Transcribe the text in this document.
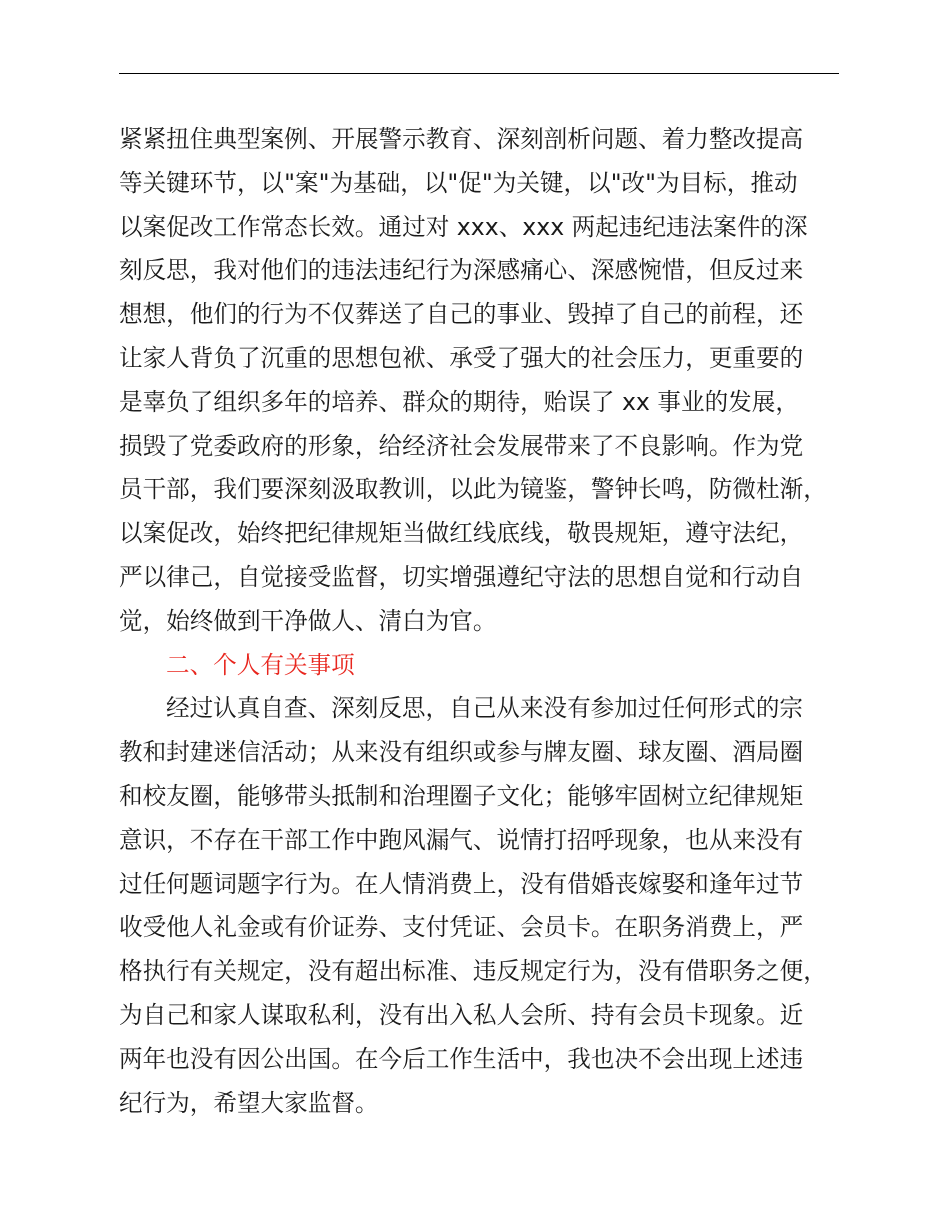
紧紧扭住典型案例、开展警示教育、深刻剖析问题、着力整改提高
等关键环节，以"案"为基础，以"促"为关键，以"改"为目标，推动
以案促改工作常态长效。通过对 xxx、xxx 两起违纪违法案件的深
刻反思，我对他们的违法违纪行为深感痛心、深感惋惜，但反过来
想想，他们的行为不仅葬送了自己的事业、毁掉了自己的前程，还
让家人背负了沉重的思想包袱、承受了强大的社会压力，更重要的
是辜负了组织多年的培养、群众的期待，贻误了 xx 事业的发展，
损毁了党委政府的形象，给经济社会发展带来了不良影响。作为党
员干部，我们要深刻汲取教训，以此为镜鉴，警钟长鸣，防微杜渐，
以案促改，始终把纪律规矩当做红线底线，敬畏规矩，遵守法纪，
严以律己，自觉接受监督，切实增强遵纪守法的思想自觉和行动自
觉，始终做到干净做人、清白为官。
二、个人有关事项
经过认真自查、深刻反思，自己从来没有参加过任何形式的宗
教和封建迷信活动；从来没有组织或参与牌友圈、球友圈、酒局圈
和校友圈，能够带头抵制和治理圈子文化；能够牢固树立纪律规矩
意识，不存在干部工作中跑风漏气、说情打招呼现象，也从来没有
过任何题词题字行为。在人情消费上，没有借婚丧嫁娶和逢年过节
收受他人礼金或有价证券、支付凭证、会员卡。在职务消费上，严
格执行有关规定，没有超出标准、违反规定行为，没有借职务之便，
为自己和家人谋取私利，没有出入私人会所、持有会员卡现象。近
两年也没有因公出国。在今后工作生活中，我也决不会出现上述违
纪行为，希望大家监督。
